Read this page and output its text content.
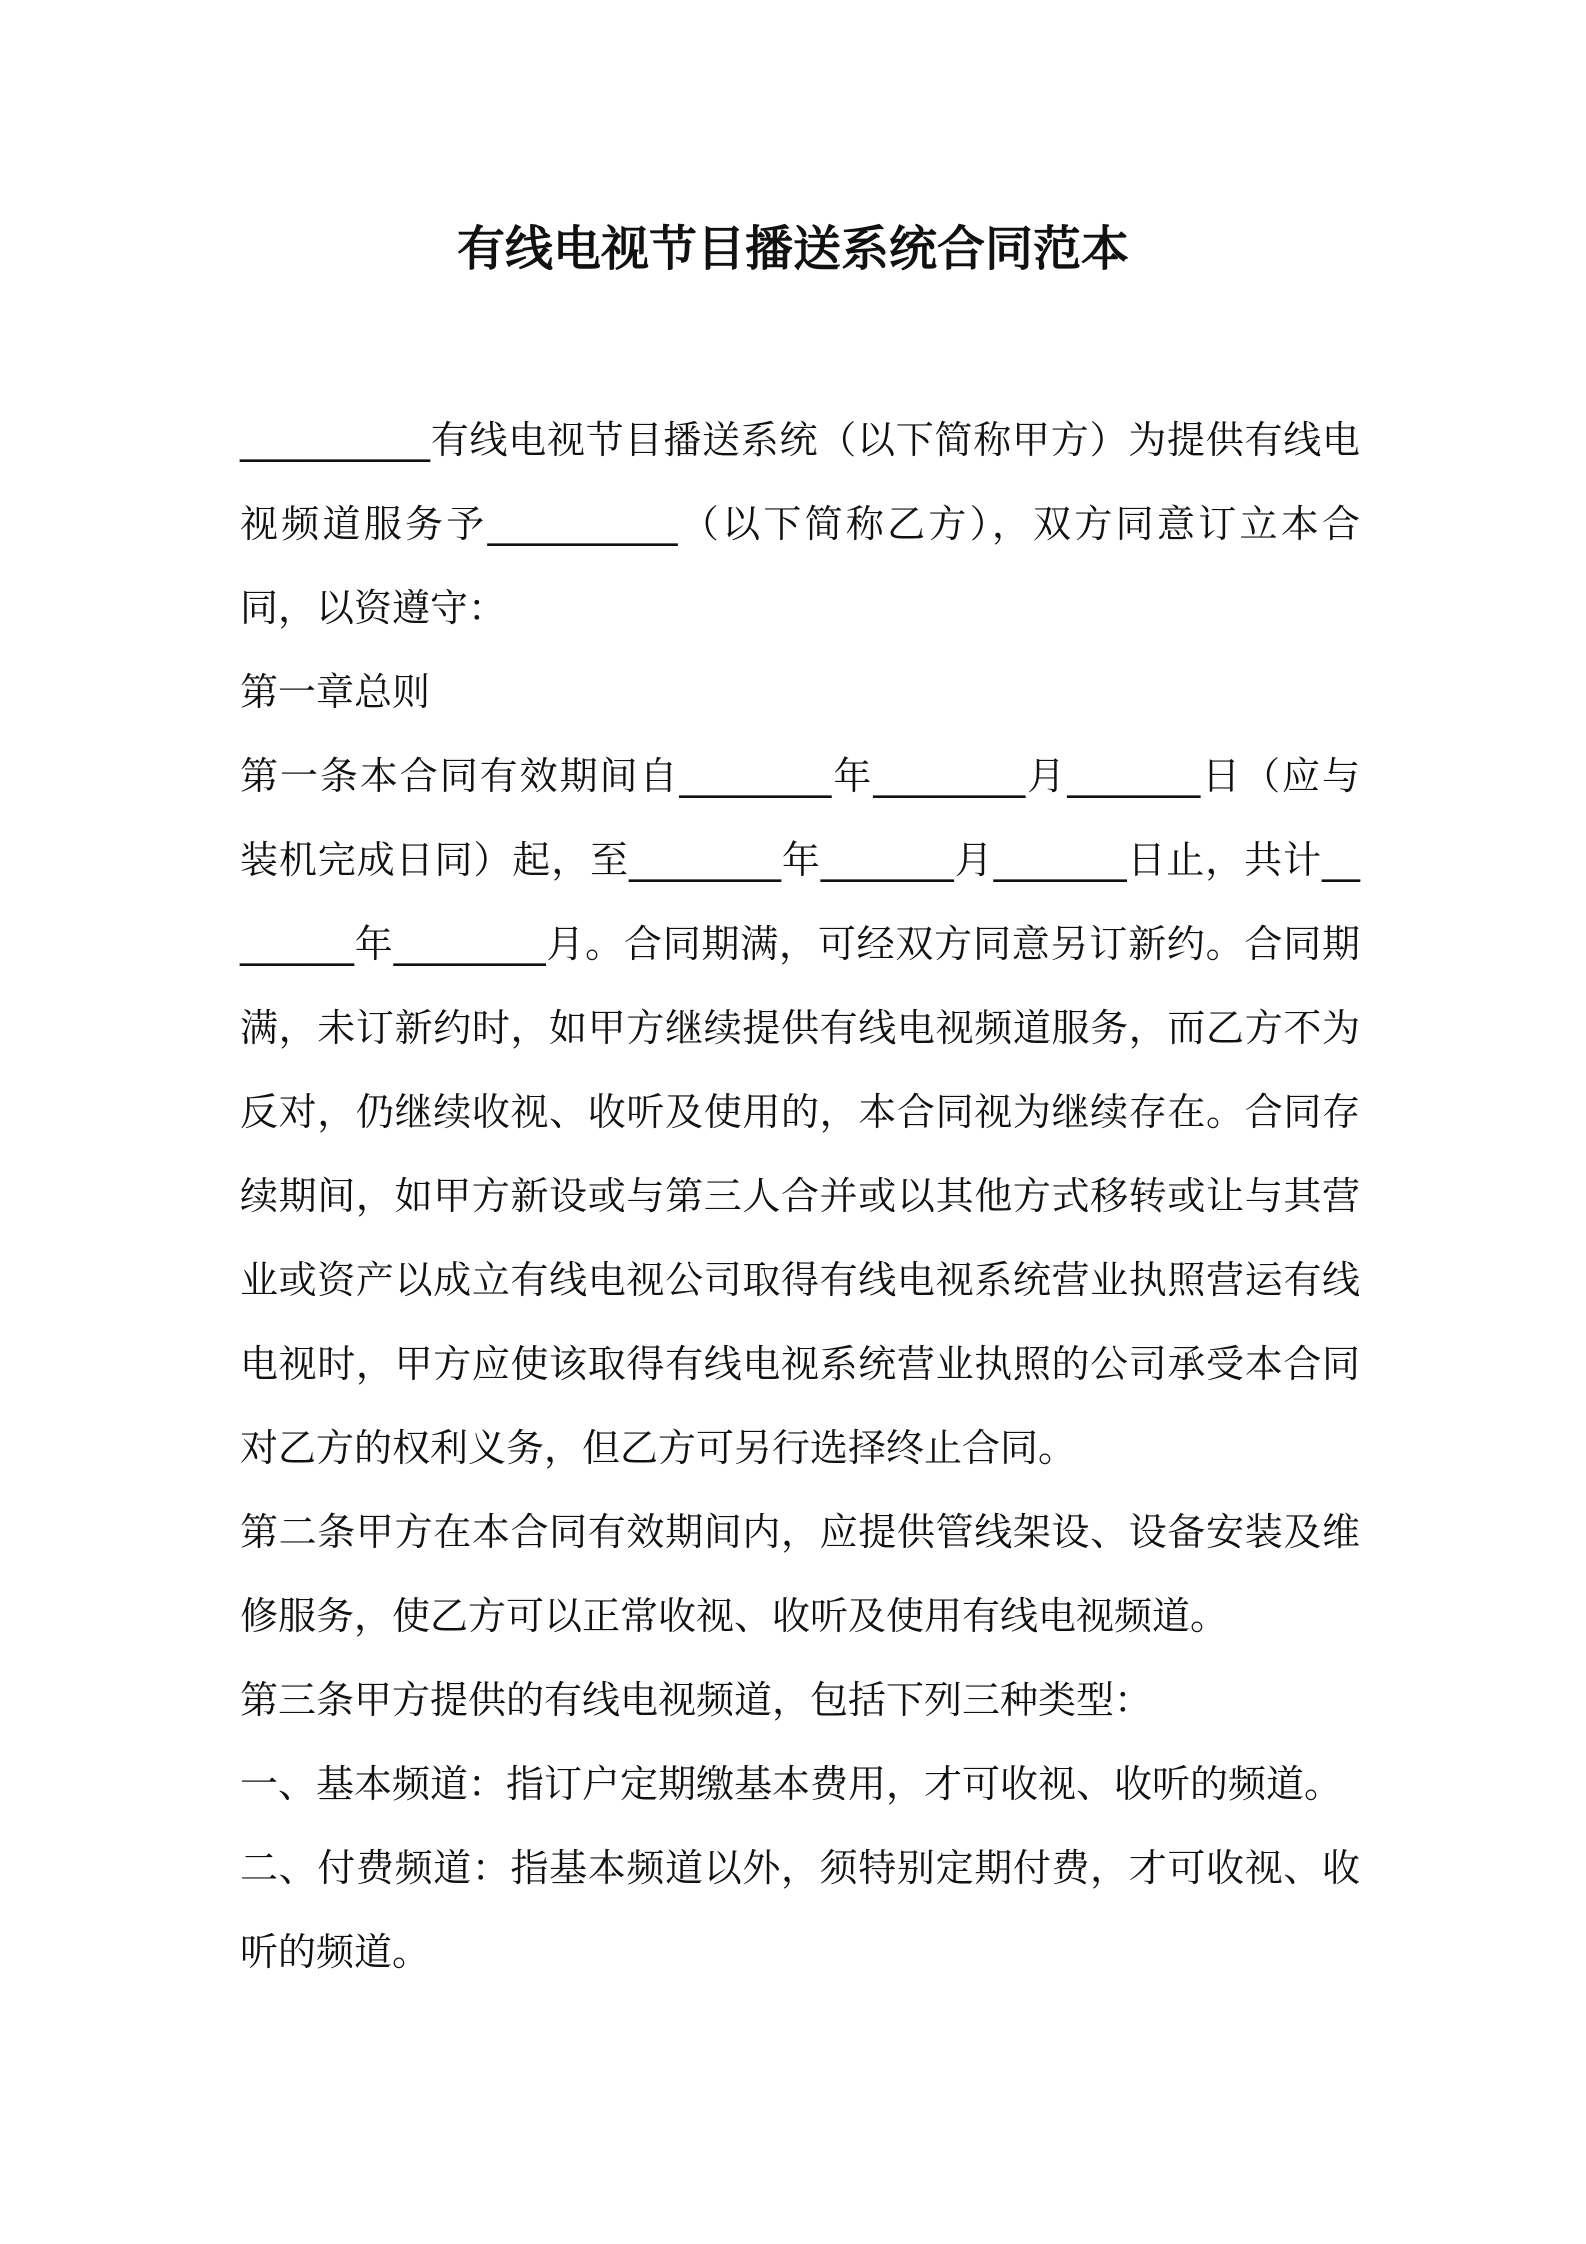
有线电视节目播送系统合同范本

__________有线电视节目播送系统（以下简称甲方）为提供有线电视频道服务予__________（以下简称乙方），双方同意订立本合同，以资遵守：

第一章总则

第一条本合同有效期间自________年________月_______日（应与装机完成日同）起，至________年_______月_______日止，共计________年________月。合同期满，可经双方同意另订新约。合同期满，未订新约时，如甲方继续提供有线电视频道服务，而乙方不为反对，仍继续收视、收听及使用的，本合同视为继续存在。合同存续期间，如甲方新设或与第三人合并或以其他方式移转或让与其营业或资产以成立有线电视公司取得有线电视系统营业执照营运有线电视时，甲方应使该取得有线电视系统营业执照的公司承受本合同对乙方的权利义务，但乙方可另行选择终止合同。

第二条甲方在本合同有效期间内，应提供管线架设、设备安装及维修服务，使乙方可以正常收视、收听及使用有线电视频道。

第三条甲方提供的有线电视频道，包括下列三种类型：

一、基本频道：指订户定期缴基本费用，才可收视、收听的频道。

二、付费频道：指基本频道以外，须特别定期付费，才可收视、收听的频道。
